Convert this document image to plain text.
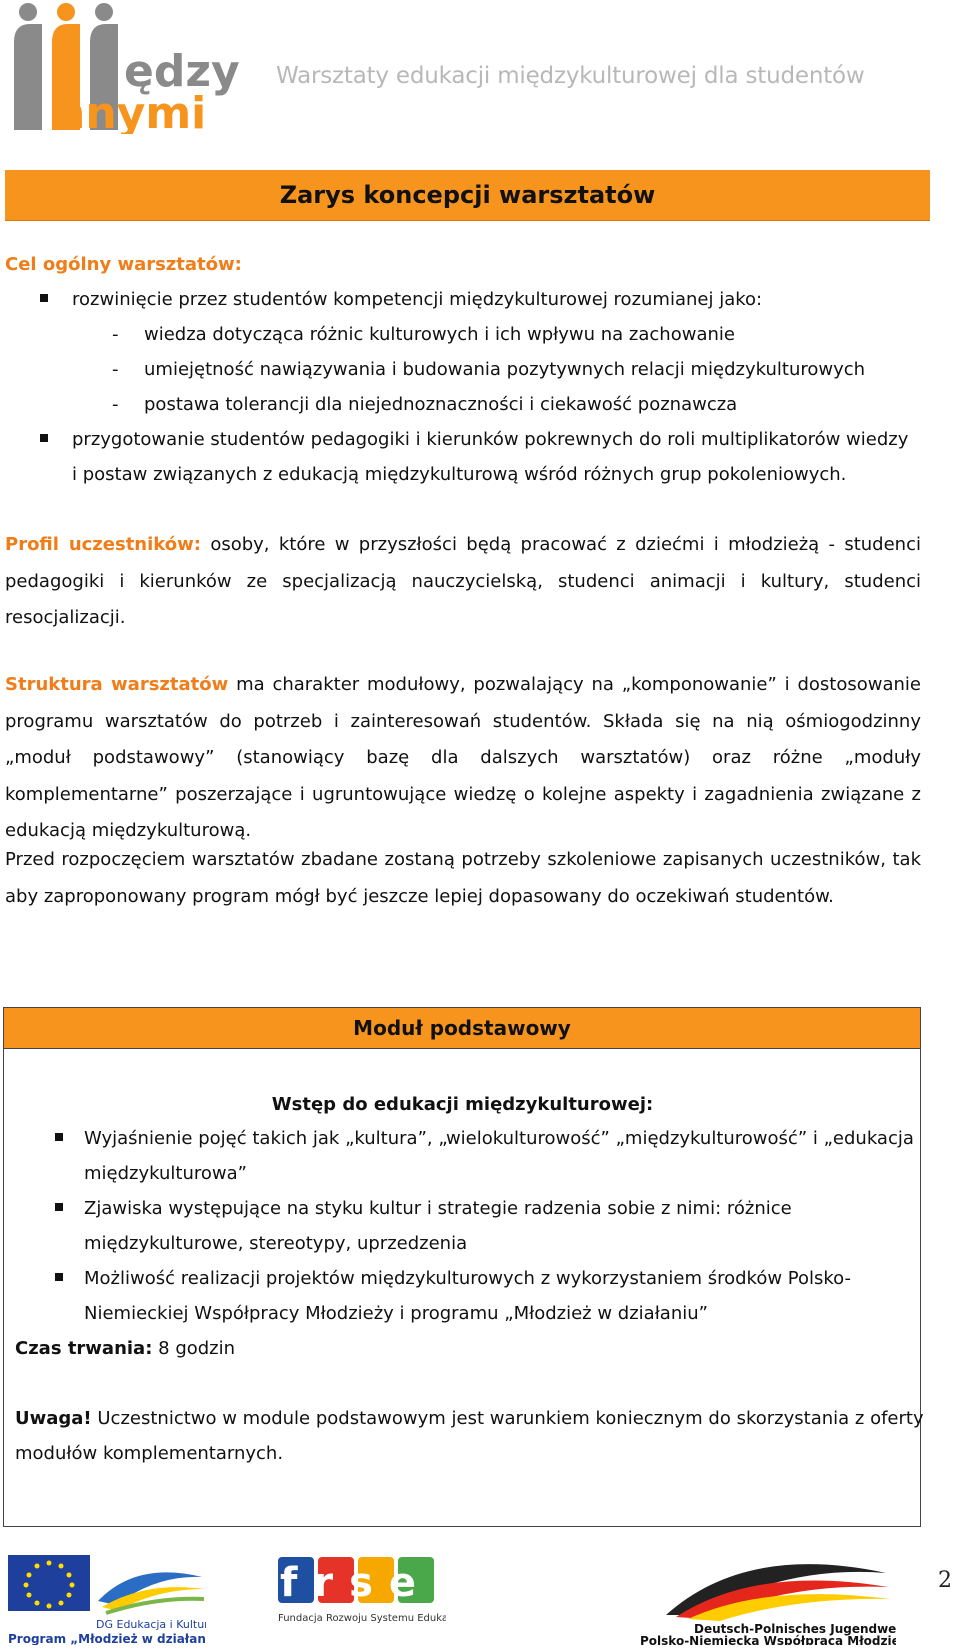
ędzy
nnymi
Warsztaty edukacji międzykulturowej dla studentów
Zarys koncepcji warsztatów
Cel ogólny warsztatów:
rozwinięcie przez studentów kompetencji międzykulturowej rozumianej jako:
- wiedza dotycząca różnic kulturowych i ich wpływu na zachowanie
- umiejętność nawiązywania i budowania pozytywnych relacji międzykulturowych
- postawa tolerancji dla niejednoznaczności i ciekawość poznawcza
przygotowanie studentów pedagogiki i kierunków pokrewnych do roli multiplikatorów wiedzy
i postaw związanych z edukacją międzykulturową wśród różnych grup pokoleniowych.
Profil uczestników: osoby, które w przyszłości będą pracować z dziećmi i młodzieżą - studenci pedagogiki i kierunków ze specjalizacją nauczycielską, studenci animacji i kultury, studenci resocjalizacji.
Struktura warsztatów ma charakter modułowy, pozwalający na „komponowanie” i dostosowanie programu warsztatów do potrzeb i zainteresowań studentów. Składa się na nią ośmiogodzinny „moduł podstawowy” (stanowiący bazę dla dalszych warsztatów) oraz różne „moduły komplementarne” poszerzające i ugruntowujące wiedzę o kolejne aspekty i zagadnienia związane z edukacją międzykulturową.
Przed rozpoczęciem warsztatów zbadane zostaną potrzeby szkoleniowe zapisanych uczestników, tak aby zaproponowany program mógł być jeszcze lepiej dopasowany do oczekiwań studentów.
Moduł podstawowy
Wstęp do edukacji międzykulturowej:
Wyjaśnienie pojęć takich jak „kultura”, „wielokulturowość” „międzykulturowość” i „edukacja
międzykulturowa”
Zjawiska występujące na styku kultur i strategie radzenia sobie z nimi: różnice
międzykulturowe, stereotypy, uprzedzenia
Możliwość realizacji projektów międzykulturowych z wykorzystaniem środków Polsko-
Niemieckiej Współpracy Młodzieży i programu „Młodzież w działaniu”
Czas trwania: 8 godzin
Uwaga! Uczestnictwo w module podstawowym jest warunkiem koniecznym do skorzystania z oferty
modułów komplementarnych.
DG Edukacja i Kultura
Program „Młodzież w działaniu”
frse
Fundacja Rozwoju Systemu Edukacji
Deutsch-Polnisches Jugendwerk
Polsko-Niemiecka Współpraca Młodzieży
2
